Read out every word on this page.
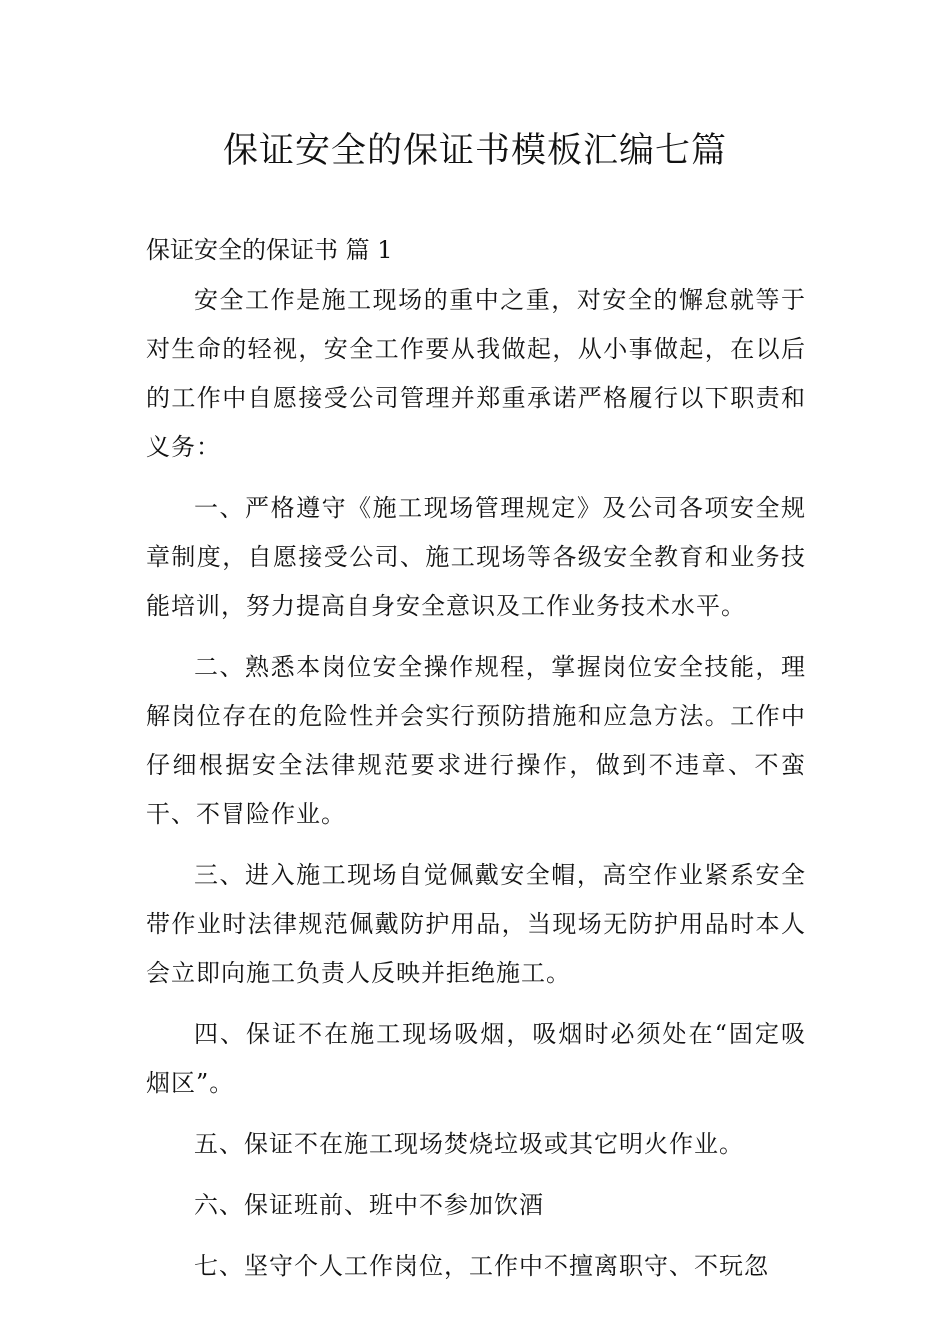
保证安全的保证书模板汇编七篇
保证安全的保证书 篇 1

安全工作是施工现场的重中之重，对安全的懈怠就等于对生命的轻视，安全工作要从我做起，从小事做起，在以后的工作中自愿接受公司管理并郑重承诺严格履行以下职责和义务：

一、严格遵守《施工现场管理规定》及公司各项安全规章制度，自愿接受公司、施工现场等各级安全教育和业务技能培训，努力提高自身安全意识及工作业务技术水平。

二、熟悉本岗位安全操作规程，掌握岗位安全技能，理解岗位存在的危险性并会实行预防措施和应急方法。工作中仔细根据安全法律规范要求进行操作，做到不违章、不蛮干、不冒险作业。

三、进入施工现场自觉佩戴安全帽，高空作业紧系安全带作业时法律规范佩戴防护用品，当现场无防护用品时本人会立即向施工负责人反映并拒绝施工。

四、保证不在施工现场吸烟，吸烟时必须处在“固定吸烟区”。

五、保证不在施工现场焚烧垃圾或其它明火作业。

六、保证班前、班中不参加饮酒

七、坚守个人工作岗位，工作中不擅离职守、不玩忽
